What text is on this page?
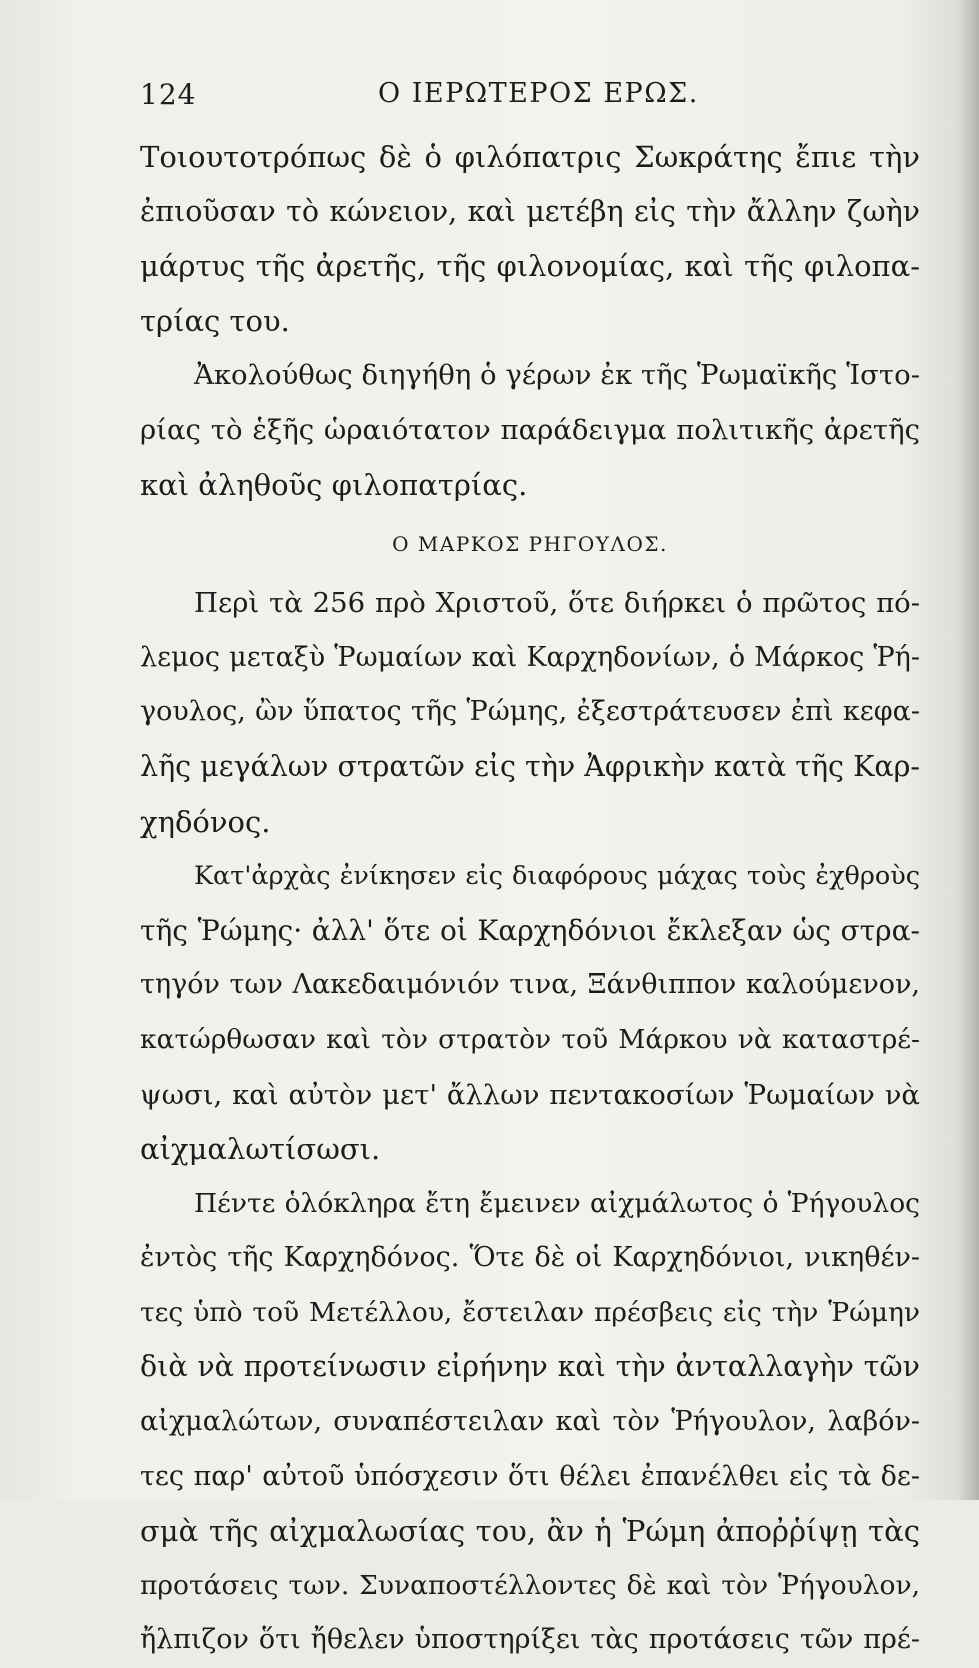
124	Ο ΙΕΡΩΤΕΡΟΣ ΕΡΩΣ.
Τοιουτοτρόπως δὲ ὁ φιλόπατρις Σωκράτης ἔπιε τὴν
ἐπιοῦσαν τὸ κώνειον, καὶ μετέβη εἰς τὴν ἄλλην ζωὴν
μάρτυς τῆς ἀρετῆς, τῆς φιλονομίας, καὶ τῆς φιλοπα-
τρίας του.
Ἀκολούθως διηγήθη ὁ γέρων ἐκ τῆς Ῥωμαϊκῆς Ἱστο-
ρίας τὸ ἑξῆς ὡραιότατον παράδειγμα πολιτικῆς ἀρετῆς
καὶ ἀληθοῦς φιλοπατρίας.
Ο ΜΑΡΚΟΣ ΡΗΓΟΥΛΟΣ.
Περὶ τὰ 256 πρὸ Χριστοῦ, ὅτε διήρκει ὁ πρῶτος πό-
λεμος μεταξὺ Ῥωμαίων καὶ Καρχηδονίων, ὁ Μάρκος Ῥή-
γουλος, ὢν ὕπατος τῆς Ῥώμης, ἐξεστράτευσεν ἐπὶ κεφα-
λῆς μεγάλων στρατῶν εἰς τὴν Ἀφρικὴν κατὰ τῆς Καρ-
χηδόνος.
Κατ'ἀρχὰς ἐνίκησεν εἰς διαφόρους μάχας τοὺς ἐχθροὺς
τῆς Ῥώμης· ἀλλ' ὅτε οἱ Καρχηδόνιοι ἔκλεξαν ὡς στρα-
τηγόν των Λακεδαιμόνιόν τινα, Ξάνθιππον καλούμενον,
κατώρθωσαν καὶ τὸν στρατὸν τοῦ Μάρκου νὰ καταστρέ-
ψωσι, καὶ αὐτὸν μετ' ἄλλων πεντακοσίων Ῥωμαίων νὰ
αἰχμαλωτίσωσι.
Πέντε ὁλόκληρα ἔτη ἔμεινεν αἰχμάλωτος ὁ Ῥήγουλος
ἐντὸς τῆς Καρχηδόνος. Ὅτε δὲ οἱ Καρχηδόνιοι, νικηθέν-
τες ὑπὸ τοῦ Μετέλλου, ἔστειλαν πρέσβεις εἰς τὴν Ῥώμην
διὰ νὰ προτείνωσιν εἰρήνην καὶ τὴν ἀνταλλαγὴν τῶν
αἰχμαλώτων, συναπέστειλαν καὶ τὸν Ῥήγουλον, λαβόν-
τες παρ' αὐτοῦ ὑπόσχεσιν ὅτι θέλει ἐπανέλθει εἰς τὰ δε-
σμὰ τῆς αἰχμαλωσίας του, ἂν ἡ Ῥώμη ἀποῤῥίψῃ τὰς
προτάσεις των. Συναποστέλλοντες δὲ καὶ τὸν Ῥήγουλον,
ἤλπιζον ὅτι ἤθελεν ὑποστηρίξει τὰς προτάσεις τῶν πρέ-
